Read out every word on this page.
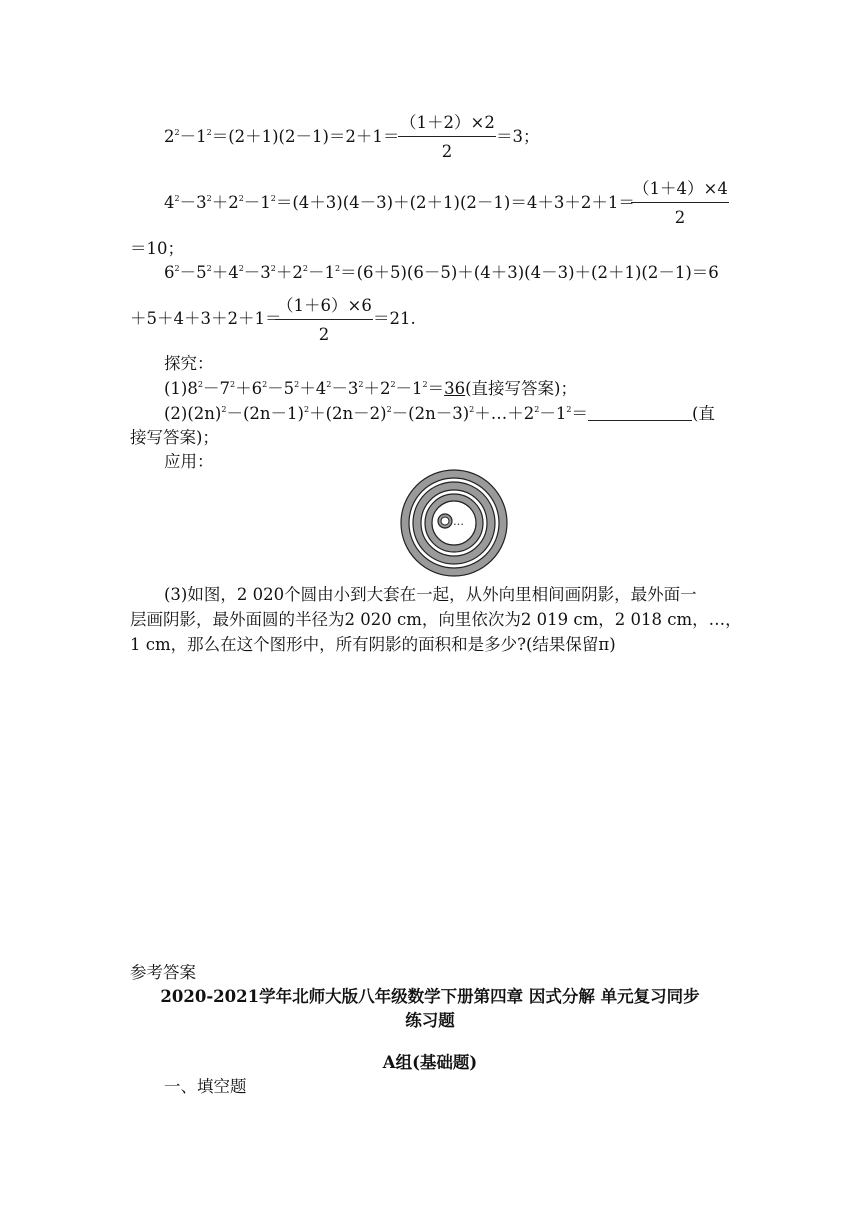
$2^2-1^2=(2+1)(2-1)=2+1=$
（1＋2）×2
2
＝3；
$4^2-3^2+2^2-1^2=(4+3)(4-3)+(2+1)(2-1)=4+3+2+1=$
（1＋4）×4
2
＝10；
$6^2-5^2+4^2-3^2+2^2-1^2=(6+5)(6-5)+(4+3)(4-3)+(2+1)(2-1)=6$
＋5＋4＋3＋2＋1＝
（1＋6）×6
2
＝21.
探究：
$(1)8^2-7^2+6^2-5^2+4^2-3^2+2^2-1^2=36$(直接写答案)；
$(2)(2n)^2-(2n-1)^2+(2n-2)^2-(2n-3)^2+\dots+2^2-1^2=$	(直
接写答案)；
应用：
…
(3)如图，2 020个圆由小到大套在一起，从外向里相间画阴影，最外面一
层画阴影，最外面圆的半径为2 020 cm，向里依次为2 019 cm，2 018 cm，…，
1 cm，那么在这个图形中，所有阴影的面积和是多少?(结果保留π)
参考答案
2020-2021学年北师大版八年级数学下册第四章 因式分解 单元复习同步
练习题
A组(基础题)
一、填空题
